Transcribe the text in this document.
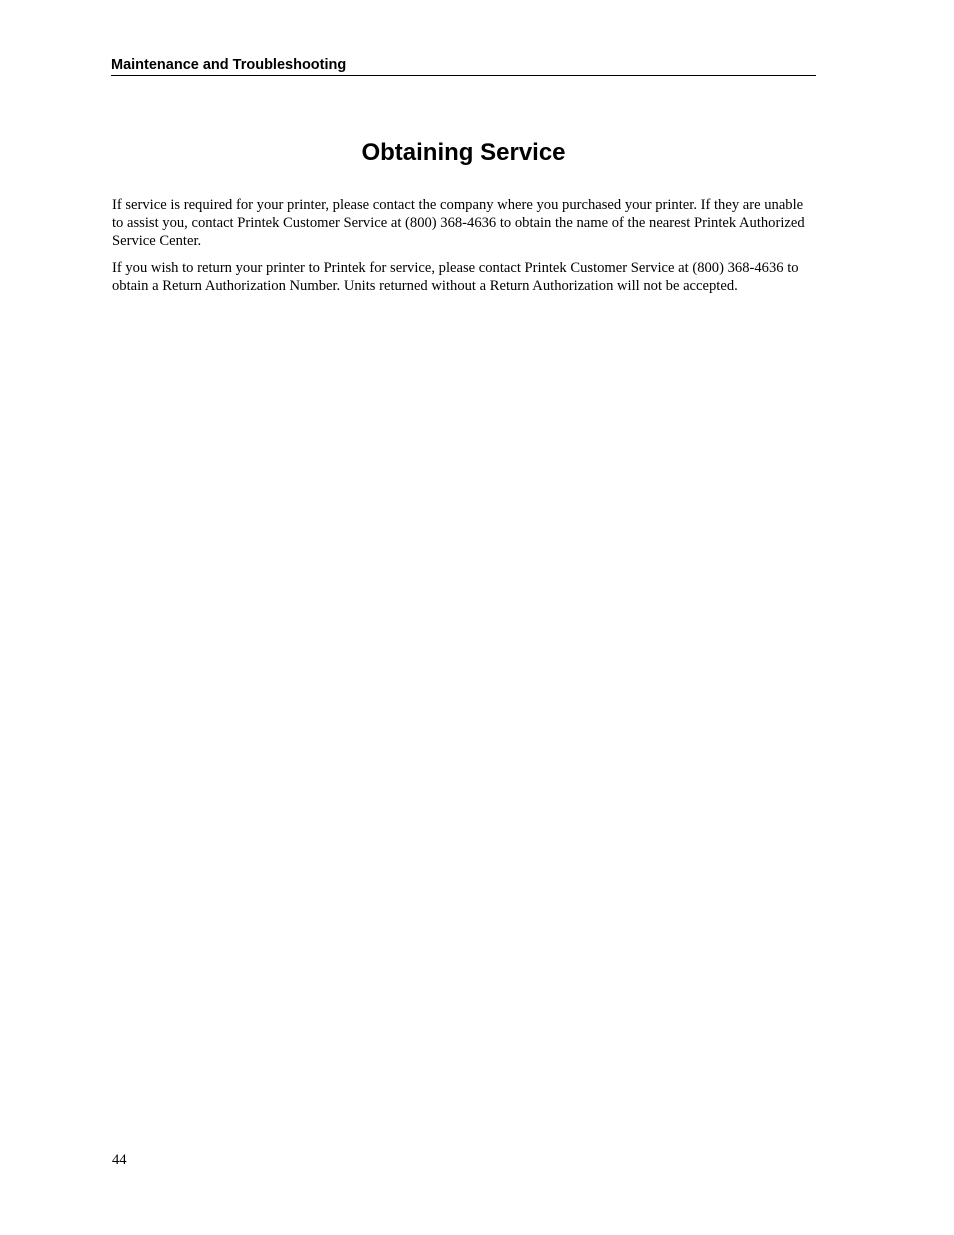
Maintenance and Troubleshooting
Obtaining Service

If service is required for your printer, please contact the company where you purchased your printer. If they are unable to assist you, contact Printek Customer Service at (800) 368-4636 to obtain the name of the nearest Printek Authorized Service Center.

If you wish to return your printer to Printek for service, please contact Printek Customer Service at (800) 368-4636 to obtain a Return Authorization Number. Units returned without a Return Authorization will not be accepted.

44
